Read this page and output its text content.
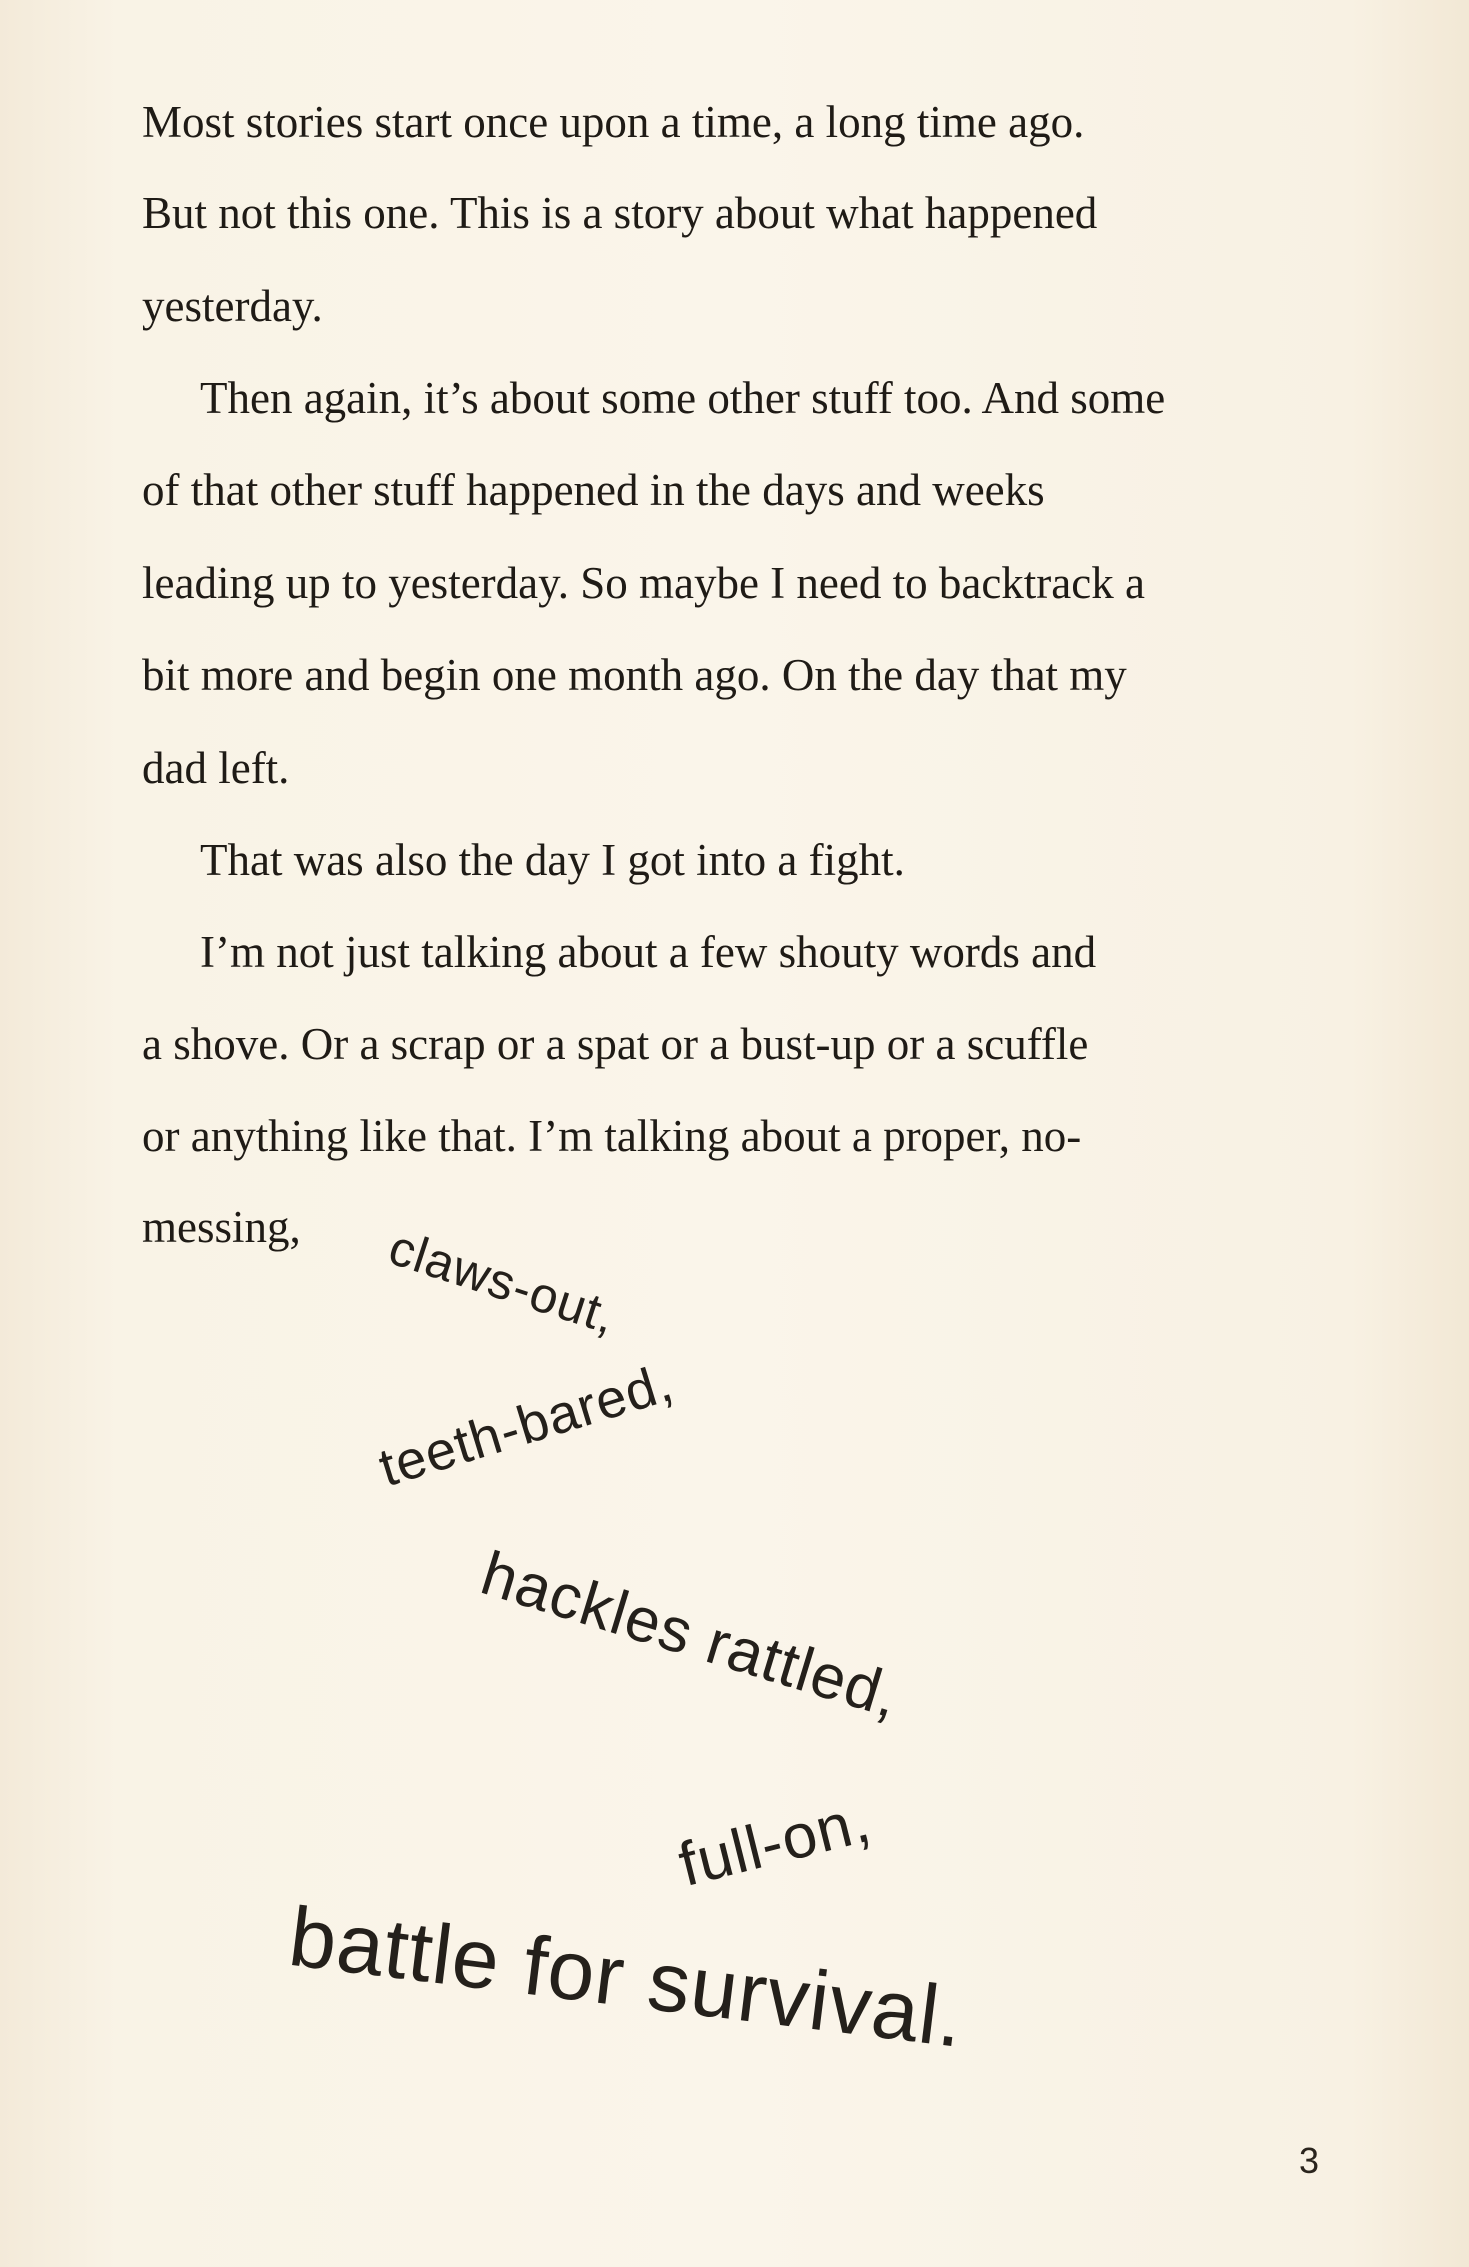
Most stories start once upon a time, a long time ago.
But not this one. This is a story about what happened
yesterday.
Then again, it’s about some other stuff too. And some
of that other stuff happened in the days and weeks
leading up to yesterday. So maybe I need to backtrack a
bit more and begin one month ago. On the day that my
dad left.
That was also the day I got into a fight.
I’m not just talking about a few shouty words and
a shove. Or a scrap or a spat or a bust-up or a scuffle
or anything like that. I’m talking about a proper, no-
messing, claws-out,
teeth-bared,
hackles rattled,
full-on,
battle for survival.
3
